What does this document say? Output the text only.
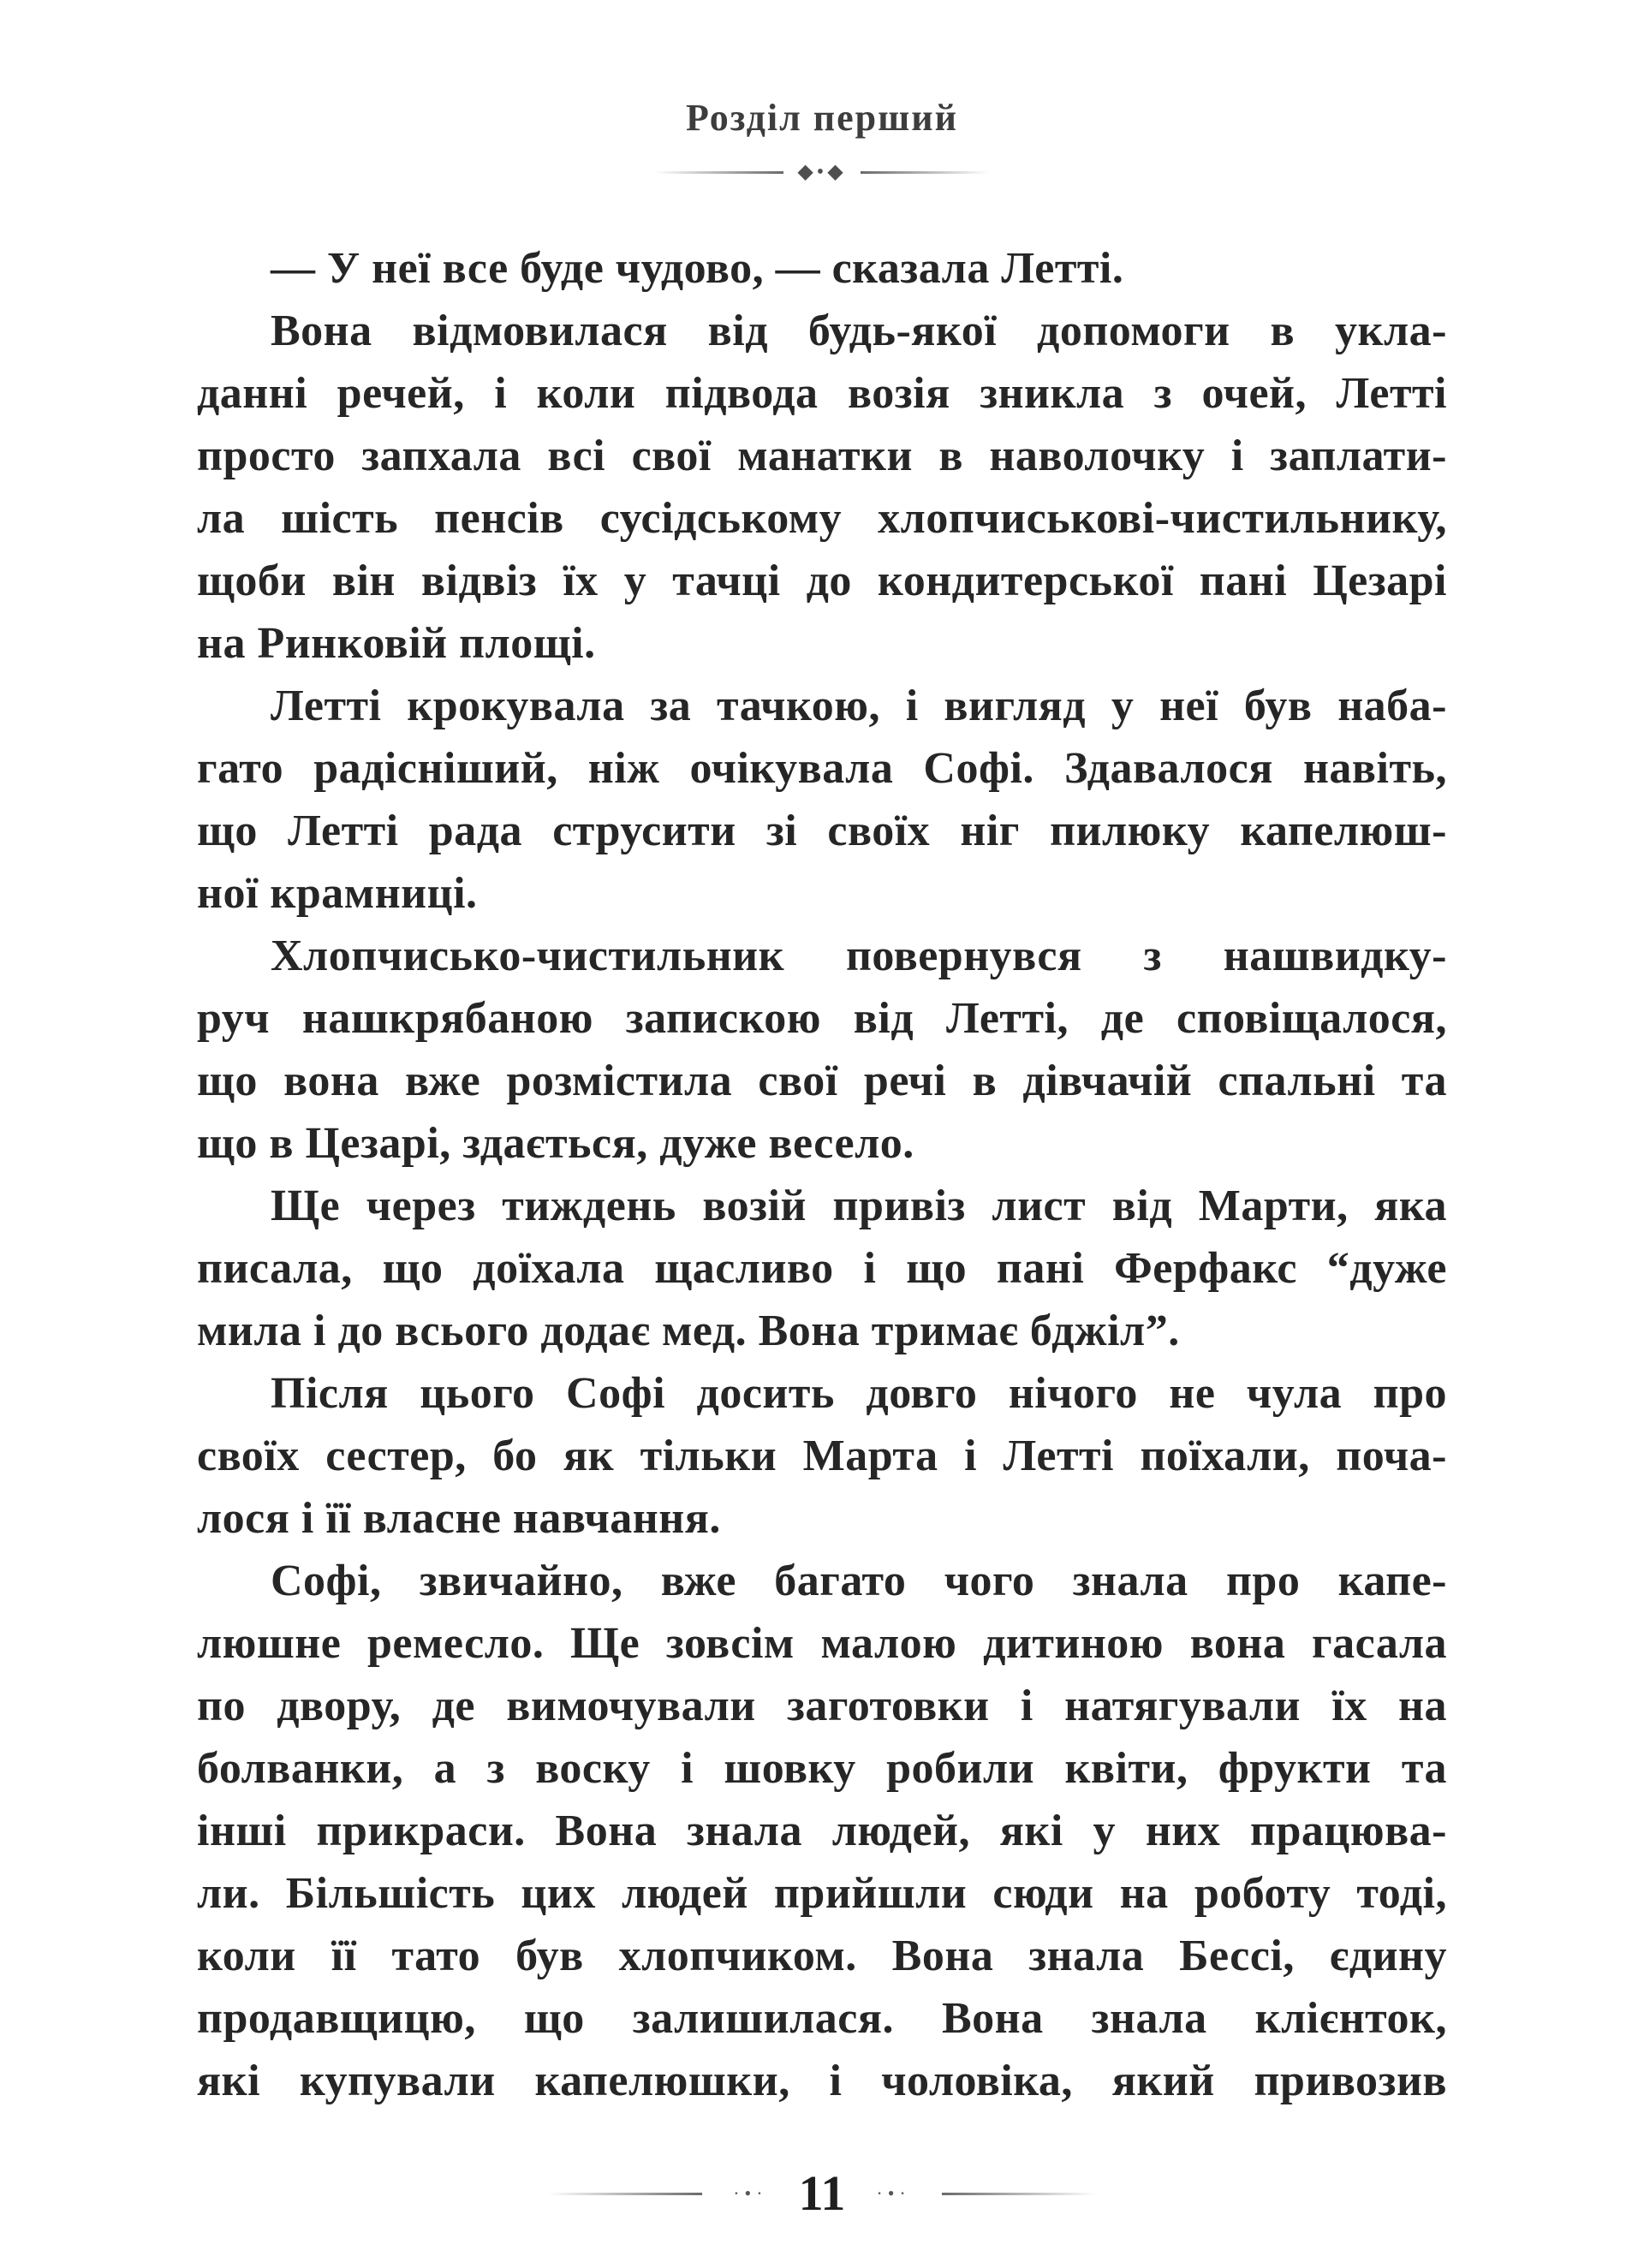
Розділ перший
◆•◆
— У неї все буде чудово, — сказала Летті.
Вона відмовилася від будь-якої допомоги в укла-
данні речей, і коли підвода возія зникла з очей, Летті
просто запхала всі свої манатки в наволочку і заплати-
ла шість пенсів сусідському хлопчиськові-чистильнику,
щоби він відвіз їх у тачці до кондитерської пані Цезарі
на Ринковій площі.
Летті крокувала за тачкою, і вигляд у неї був наба-
гато радісніший, ніж очікувала Софі. Здавалося навіть,
що Летті рада струсити зі своїх ніг пилюку капелюш-
ної крамниці.
Хлопчисько-чистильник повернувся з нашвидку-
руч нашкрябаною запискою від Летті, де сповіщалося,
що вона вже розмістила свої речі в дівчачій спальні та
що в Цезарі, здається, дуже весело.
Ще через тиждень возій привіз лист від Марти, яка
писала, що доїхала щасливо і що пані Ферфакс “дуже
мила і до всього додає мед. Вона тримає бджіл”.
Після цього Софі досить довго нічого не чула про
своїх сестер, бо як тільки Марта і Летті поїхали, поча-
лося і її власне навчання.
Софі, звичайно, вже багато чого знала про капе-
люшне ремесло. Ще зовсім малою дитиною вона гасала
по двору, де вимочували заготовки і натягували їх на
болванки, а з воску і шовку робили квіти, фрукти та
інші прикраси. Вона знала людей, які у них працюва-
ли. Більшість цих людей прийшли сюди на роботу тоді,
коли її тато був хлопчиком. Вона знала Бессі, єдину
продавщицю, що залишилася. Вона знала клієнток,
які купували капелюшки, і чоловіка, який привозив
·•· 11 ·•·
